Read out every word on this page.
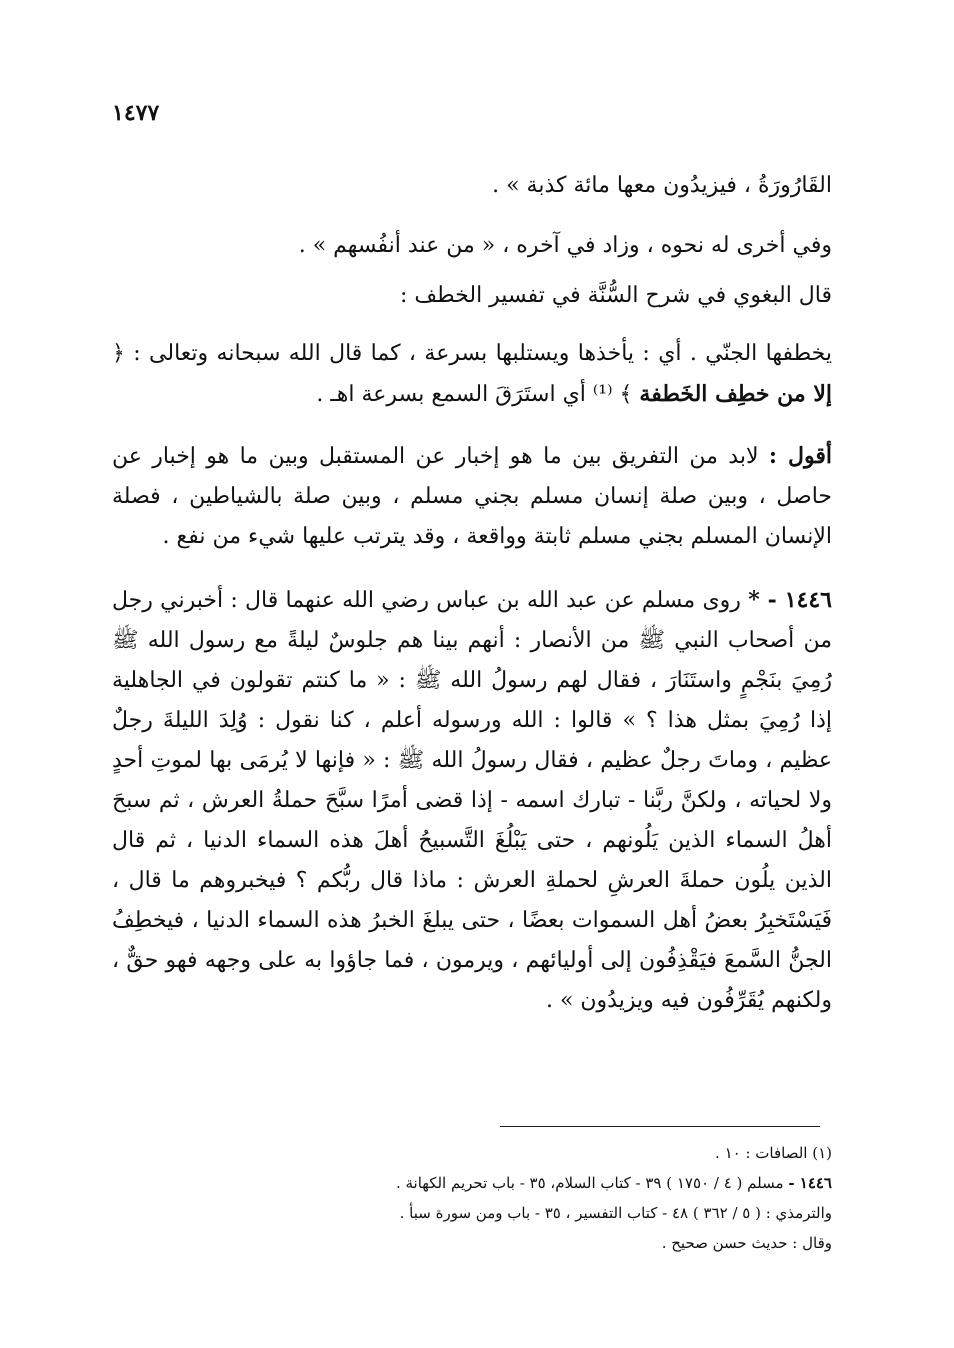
١٤٧٧
القَارُورَةُ ، فيزيدُون معها مائة كذبة » .
وفي أخرى له نحوه ، وزاد في آخره ، « من عند أنفُسهم » .
قال البغوي في شرح السُّنَّة في تفسير الخطف :
يخطفها الجنّي . أي : يأخذها ويستلبها بسرعة ، كما قال الله سبحانه وتعالى : ﴿ إلا من خطِف الخَطفة ﴾ ⁽¹⁾ أي استَرَقَ السمع بسرعة اهـ .
أقول : لابد من التفريق بين ما هو إخبار عن المستقبل وبين ما هو إخبار عن حاصل ، وبين صلة إنسان مسلم بجني مسلم ، وبين صلة بالشياطين ، فصلة الإنسان المسلم بجني مسلم ثابتة وواقعة ، وقد يترتب عليها شيء من نفع .
١٤٤٦ - * روى مسلم عن عبد الله بن عباس رضي الله عنهما قال : أخبرني رجل من أصحاب النبي ﷺ من الأنصار : أنهم بينا هم جلوسٌ ليلةً مع رسول الله ﷺ رُمِيَ بنَجْمٍ واستَنَارَ ، فقال لهم رسولُ الله ﷺ : « ما كنتم تقولون في الجاهلية إذا رُمِيَ بمثل هذا ؟ » قالوا : الله ورسوله أعلم ، كنا نقول : وُلِدَ الليلةَ رجلٌ عظيم ، وماتَ رجلٌ عظيم ، فقال رسولُ الله ﷺ : « فإنها لا يُرمَى بها لموتِ أحدٍ ولا لحياته ، ولكنَّ ربَّنا - تبارك اسمه - إذا قضى أمرًا سبَّحَ حملةُ العرش ، ثم سبحَ أهلُ السماء الذين يَلُونهم ، حتى يَبْلُغَ التَّسبيحُ أهلَ هذه السماء الدنيا ، ثم قال الذين يلُون حملةَ العرشِ لحملةِ العرش : ماذا قال ربُّكم ؟ فيخبروهم ما قال ، فَيَسْتَخبِرُ بعضُ أهل السموات بعضًا ، حتى يبلغَ الخبرُ هذه السماء الدنيا ، فيخطِفُ الجنُّ السَّمعَ فيَقْذِفُون إلى أوليائهم ، ويرمون ، فما جاؤوا به على وجهه فهو حقٌّ ، ولكنهم يُقَرِّفُون فيه ويزيدُون » .
(١) الصافات : ١٠ .
١٤٤٦ - مسلم ( ٤ / ١٧٥٠ ) ٣٩ - كتاب السلام، ٣٥ - باب تحريم الكهانة .
والترمذي : ( ٥ / ٣٦٢ ) ٤٨ - كتاب التفسير ، ٣٥ - باب ومن سورة سبأ .
وقال : حديث حسن صحيح .
